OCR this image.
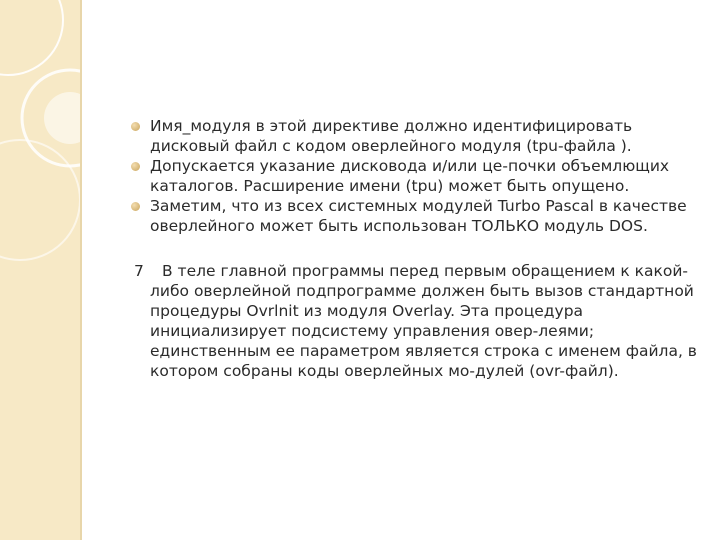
Имя_модуля в этой директиве должно идентифицировать дисковый файл с кодом оверлейного модуля (tpu-файла ).
Допускается указание дисковода и/или це-почки объемлющих каталогов. Расширение имени (tpu) может быть опущено.
Заметим, что из всех системных модулей Turbo Pascal в качестве оверлейного может быть использован ТОЛЬКО модуль DOS.
7 В теле главной программы перед первым обращением к какой-либо оверлейной подпрограмме должен быть вызов стандартной процедуры Ovrlnit из модуля Overlay. Эта процедура инициализирует подсистему управления овер-леями; единственным ее параметром является строка с именем файла, в котором собраны коды оверлейных мо-дулей (ovr-файл).
